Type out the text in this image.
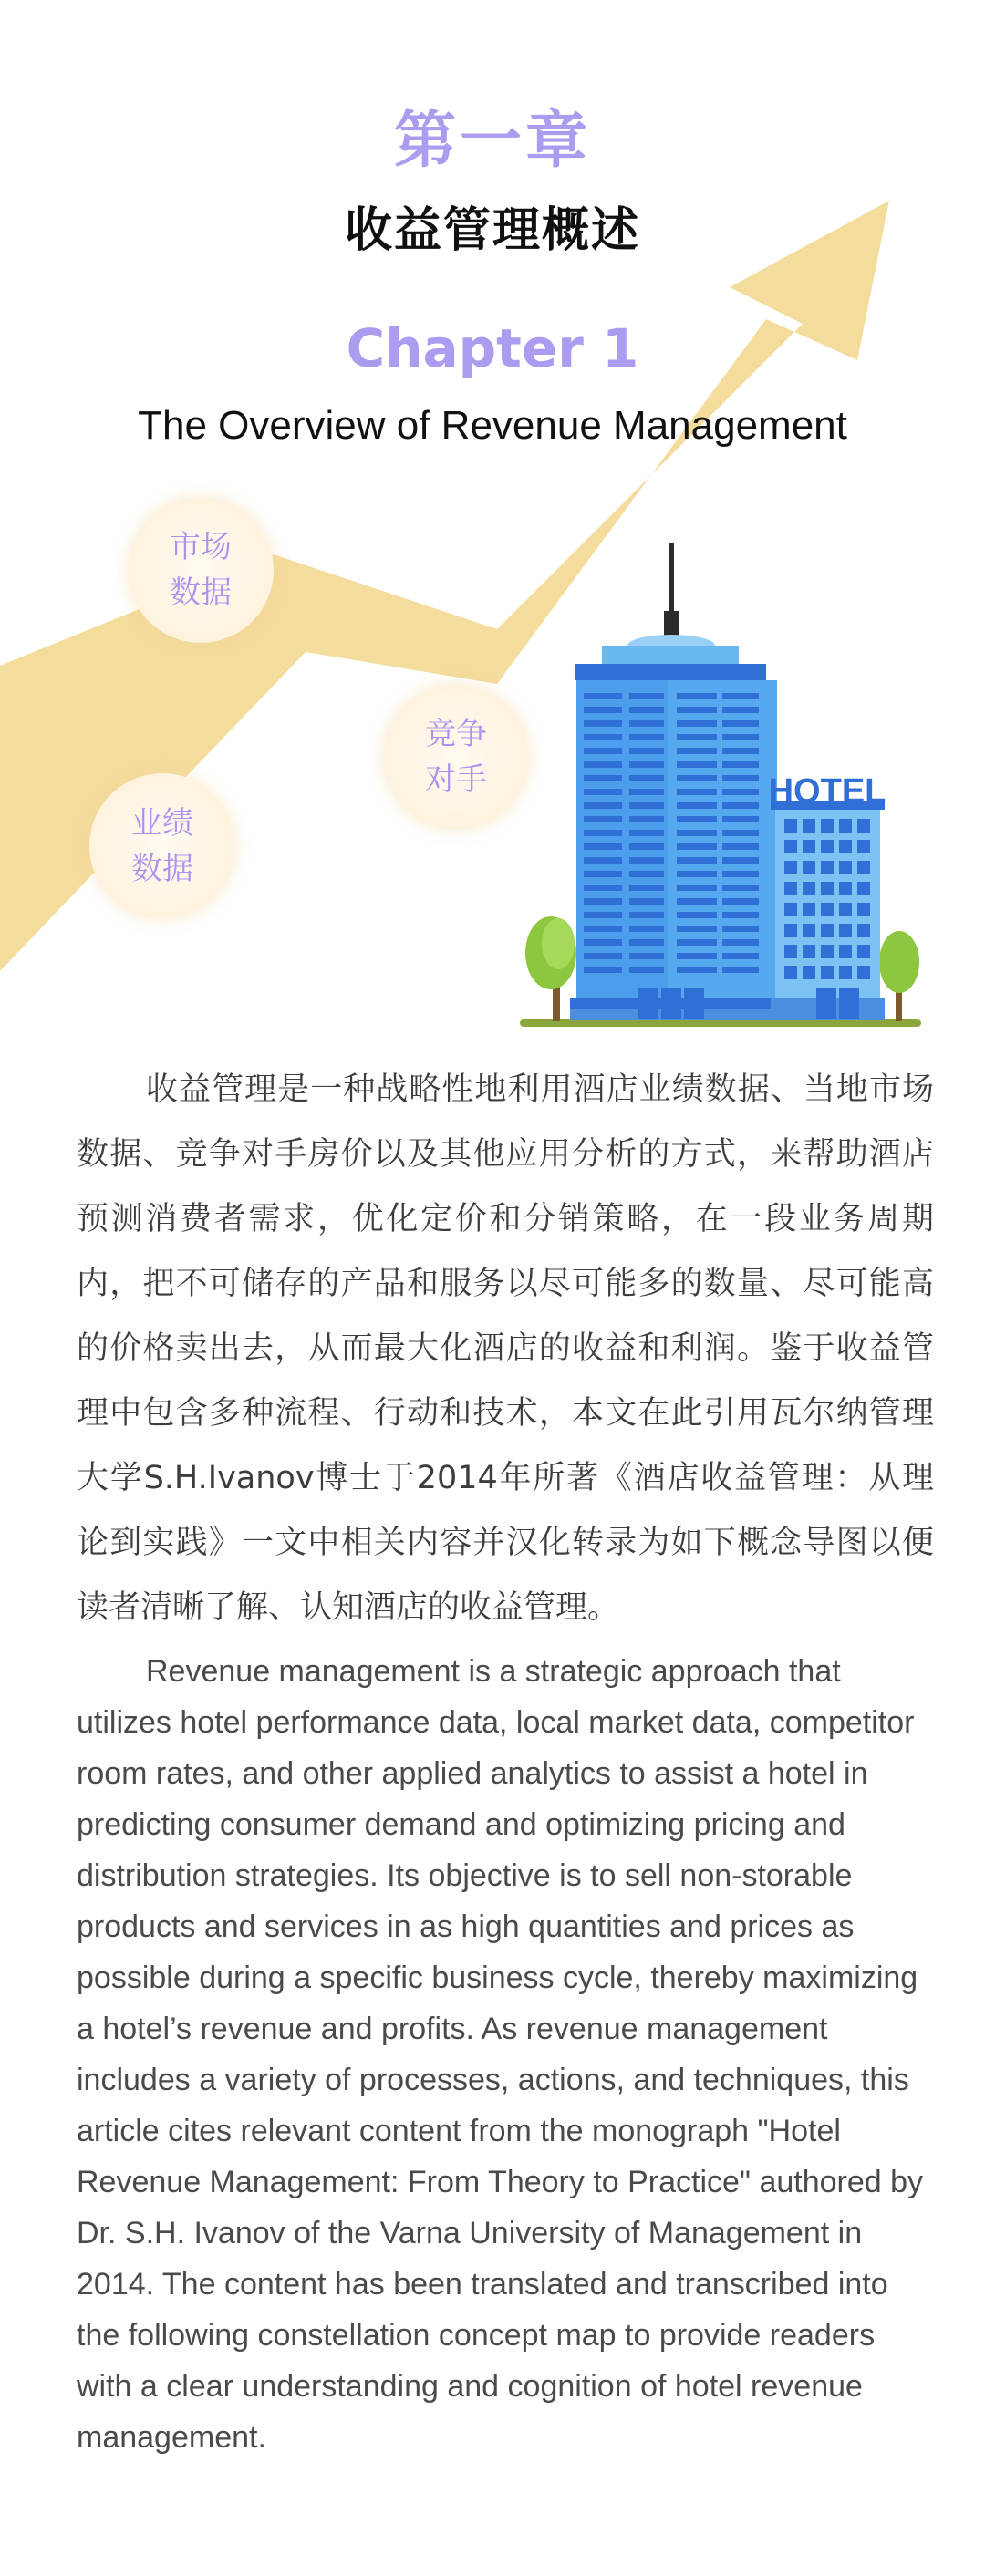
HOTEL
第一章
收益管理概述
Chapter 1
The Overview of Revenue Management
市场数据
业绩数据
竞争对手

收益管理是一种战略性地利用酒店业绩数据、当地市场数据、竞争对手房价以及其他应用分析的方式，来帮助酒店预测消费者需求，优化定价和分销策略，在一段业务周期内，把不可储存的产品和服务以尽可能多的数量、尽可能高的价格卖出去，从而最大化酒店的收益和利润。鉴于收益管理中包含多种流程、行动和技术，本文在此引用瓦尔纳管理大学S.H.Ivanov博士于2014年所著《酒店收益管理：从理论到实践》一文中相关内容并汉化转录为如下概念导图以便读者清晰了解、认知酒店的收益管理。

Revenue management is a strategic approach that utilizes hotel performance data, local market data, competitor room rates, and other applied analytics to assist a hotel in predicting consumer demand and optimizing pricing and distribution strategies. Its objective is to sell non-storable products and services in as high quantities and prices as possible during a specific business cycle, thereby maximizing a hotel’s revenue and profits. As revenue management includes a variety of processes, actions, and techniques, this article cites relevant content from the monograph "Hotel Revenue Management: From Theory to Practice" authored by Dr. S.H. Ivanov of the Varna University of Management in 2014. The content has been translated and transcribed into the following constellation concept map to provide readers with a clear understanding and cognition of hotel revenue management.
